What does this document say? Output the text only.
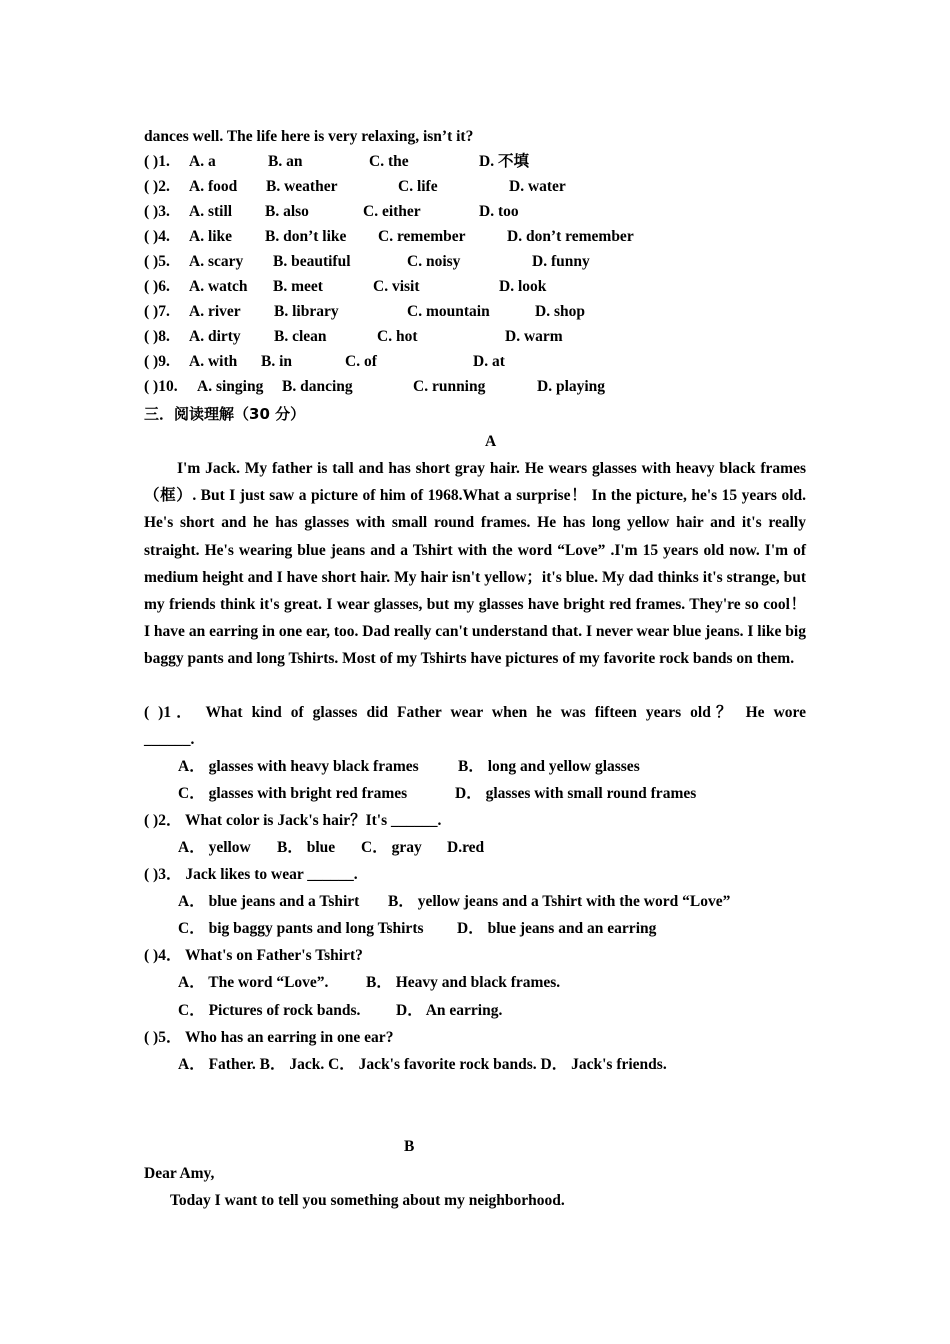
dances well. The life here is very relaxing, isn’t it?
( )1. A. a	B. an	C. the	D. 不填
( )2. A. food B. weather	C. life	D. water
( )3. A. still B. also	C. either	D. too
( )4. A. like B. don’t like C. remember	D. don’t remember
( )5. A. scary B. beautiful	C. noisy	D. funny
( )6. A. watch B. meet	C. visit	D. look
( )7. A. river B. library	C. mountain	D. shop
( )8. A. dirty B. clean	C. hot	D. warm
( )9. A. with B. in	C. of	D. at
( )10. A. singing B. dancing	C. running	D. playing
三．阅读理解（30 分）
A

I'm Jack. My father is tall and has short gray hair. He wears glasses with heavy black frames（框）. But I just saw a picture of him of 1968.What a surprise！ In the picture, he's 15 years old. He's short and he has glasses with small round frames. He has long yellow hair and it's really straight. He's wearing blue jeans and a Tshirt with the word “Love” .I'm 15 years old now. I'm of medium height and I have short hair. My hair isn't yellow；it's blue. My dad thinks it's strange, but my friends think it's great. I wear glasses, but my glasses have bright red frames. They're so cool！ I have an earring in one ear, too. Dad really can't understand that. I never wear blue jeans. I like big baggy pants and long Tshirts. Most of my Tshirts have pictures of my favorite rock bands on them.

( )1． What kind of glasses did Father wear when he was fifteen years old？ He wore
______.
A． glasses with heavy black frames	B． long and yellow glasses
C． glasses with bright red frames	D． glasses with small round frames
( )2． What color is Jack's hair？It's ______.
A． yellow B． blue C． gray D.red
( )3． Jack likes to wear ______.
A． blue jeans and a Tshirt B． yellow jeans and a Tshirt with the word “Love”
C． big baggy pants and long Tshirts D． blue jeans and an earring
( )4． What's on Father's Tshirt?
A． The word “Love”. B． Heavy and black frames.
C． Pictures of rock bands. D． An earring.
( )5． Who has an earring in one ear?
A． Father. B． Jack. C． Jack's favorite rock bands. D． Jack's friends.
B
Dear Amy,
Today I want to tell you something about my neighborhood.
